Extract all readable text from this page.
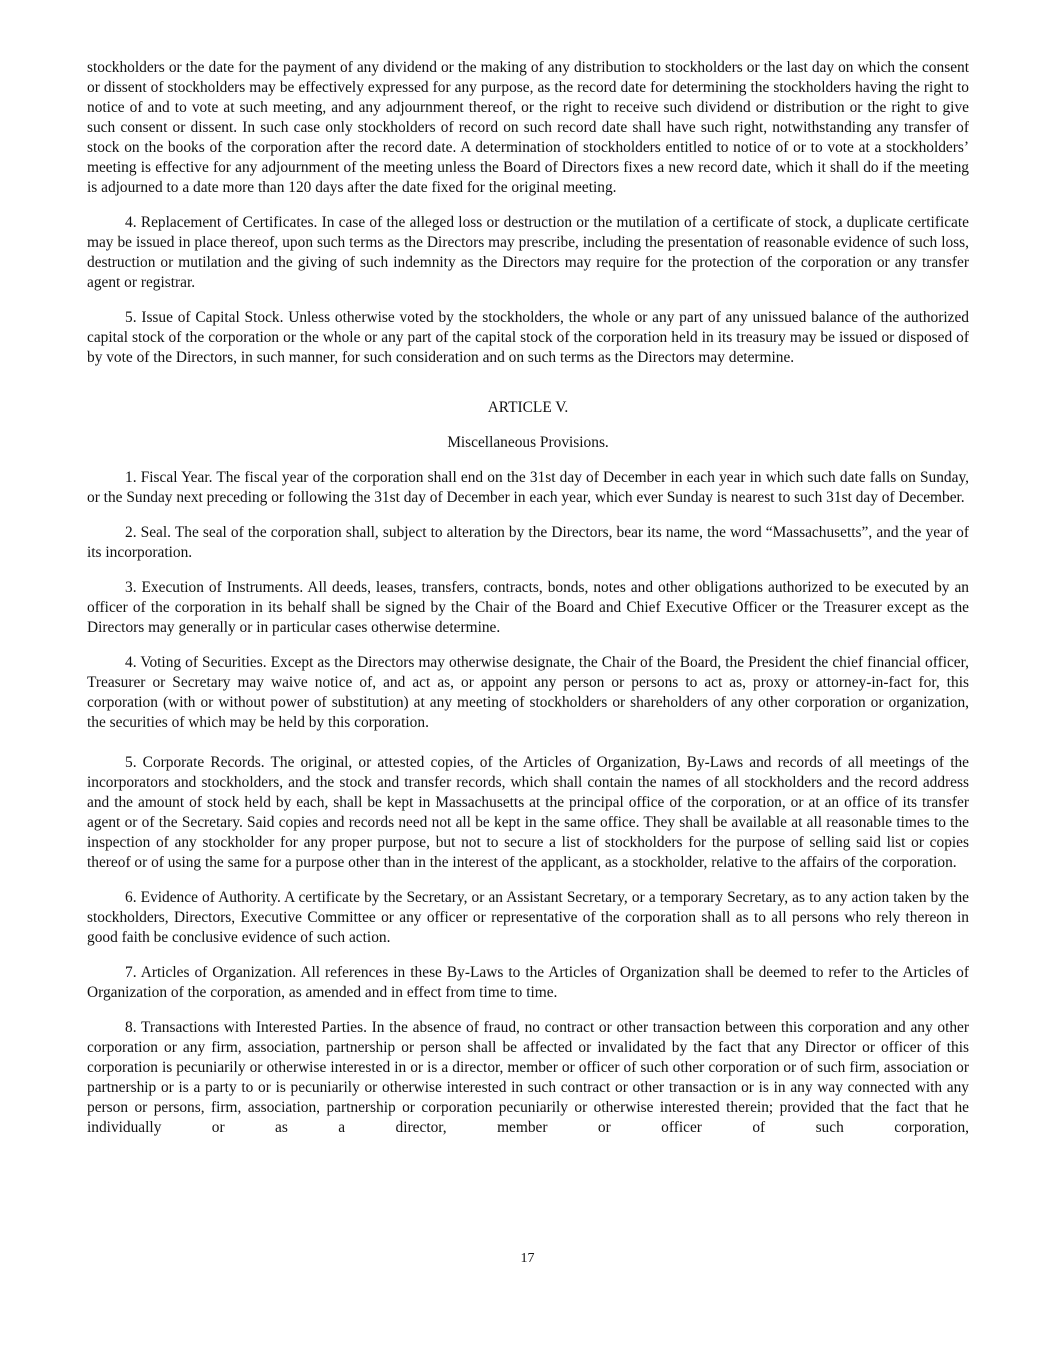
stockholders or the date for the payment of any dividend or the making of any distribution to stockholders or the last day on which the consent or dissent of stockholders may be effectively expressed for any purpose, as the record date for determining the stockholders having the right to notice of and to vote at such meeting, and any adjournment thereof, or the right to receive such dividend or distribution or the right to give such consent or dissent. In such case only stockholders of record on such record date shall have such right, notwithstanding any transfer of stock on the books of the corporation after the record date. A determination of stockholders entitled to notice of or to vote at a stockholders’ meeting is effective for any adjournment of the meeting unless the Board of Directors fixes a new record date, which it shall do if the meeting is adjourned to a date more than 120 days after the date fixed for the original meeting.

4. Replacement of Certificates. In case of the alleged loss or destruction or the mutilation of a certificate of stock, a duplicate certificate may be issued in place thereof, upon such terms as the Directors may prescribe, including the presentation of reasonable evidence of such loss, destruction or mutilation and the giving of such indemnity as the Directors may require for the protection of the corporation or any transfer agent or registrar.

5. Issue of Capital Stock. Unless otherwise voted by the stockholders, the whole or any part of any unissued balance of the authorized capital stock of the corporation or the whole or any part of the capital stock of the corporation held in its treasury may be issued or disposed of by vote of the Directors, in such manner, for such consideration and on such terms as the Directors may determine.

ARTICLE V.

Miscellaneous Provisions.

1. Fiscal Year. The fiscal year of the corporation shall end on the 31st day of December in each year in which such date falls on Sunday, or the Sunday next preceding or following the 31st day of December in each year, which ever Sunday is nearest to such 31st day of December.

2. Seal. The seal of the corporation shall, subject to alteration by the Directors, bear its name, the word “Massachusetts”, and the year of its incorporation.

3. Execution of Instruments. All deeds, leases, transfers, contracts, bonds, notes and other obligations authorized to be executed by an officer of the corporation in its behalf shall be signed by the Chair of the Board and Chief Executive Officer or the Treasurer except as the Directors may generally or in particular cases otherwise determine.

4. Voting of Securities. Except as the Directors may otherwise designate, the Chair of the Board, the President the chief financial officer, Treasurer or Secretary may waive notice of, and act as, or appoint any person or persons to act as, proxy or attorney-in-fact for, this corporation (with or without power of substitution) at any meeting of stockholders or shareholders of any other corporation or organization, the securities of which may be held by this corporation.

5. Corporate Records. The original, or attested copies, of the Articles of Organization, By-Laws and records of all meetings of the incorporators and stockholders, and the stock and transfer records, which shall contain the names of all stockholders and the record address and the amount of stock held by each, shall be kept in Massachusetts at the principal office of the corporation, or at an office of its transfer agent or of the Secretary. Said copies and records need not all be kept in the same office. They shall be available at all reasonable times to the inspection of any stockholder for any proper purpose, but not to secure a list of stockholders for the purpose of selling said list or copies thereof or of using the same for a purpose other than in the interest of the applicant, as a stockholder, relative to the affairs of the corporation.

6. Evidence of Authority. A certificate by the Secretary, or an Assistant Secretary, or a temporary Secretary, as to any action taken by the stockholders, Directors, Executive Committee or any officer or representative of the corporation shall as to all persons who rely thereon in good faith be conclusive evidence of such action.

7. Articles of Organization. All references in these By-Laws to the Articles of Organization shall be deemed to refer to the Articles of Organization of the corporation, as amended and in effect from time to time.

8. Transactions with Interested Parties. In the absence of fraud, no contract or other transaction between this corporation and any other corporation or any firm, association, partnership or person shall be affected or invalidated by the fact that any Director or officer of this corporation is pecuniarily or otherwise interested in or is a director, member or officer of such other corporation or of such firm, association or partnership or is a party to or is pecuniarily or otherwise interested in such contract or other transaction or is in any way connected with any person or persons, firm, association, partnership or corporation pecuniarily or otherwise interested therein; provided that the fact that he individually or as a director, member or officer of such corporation,

17
